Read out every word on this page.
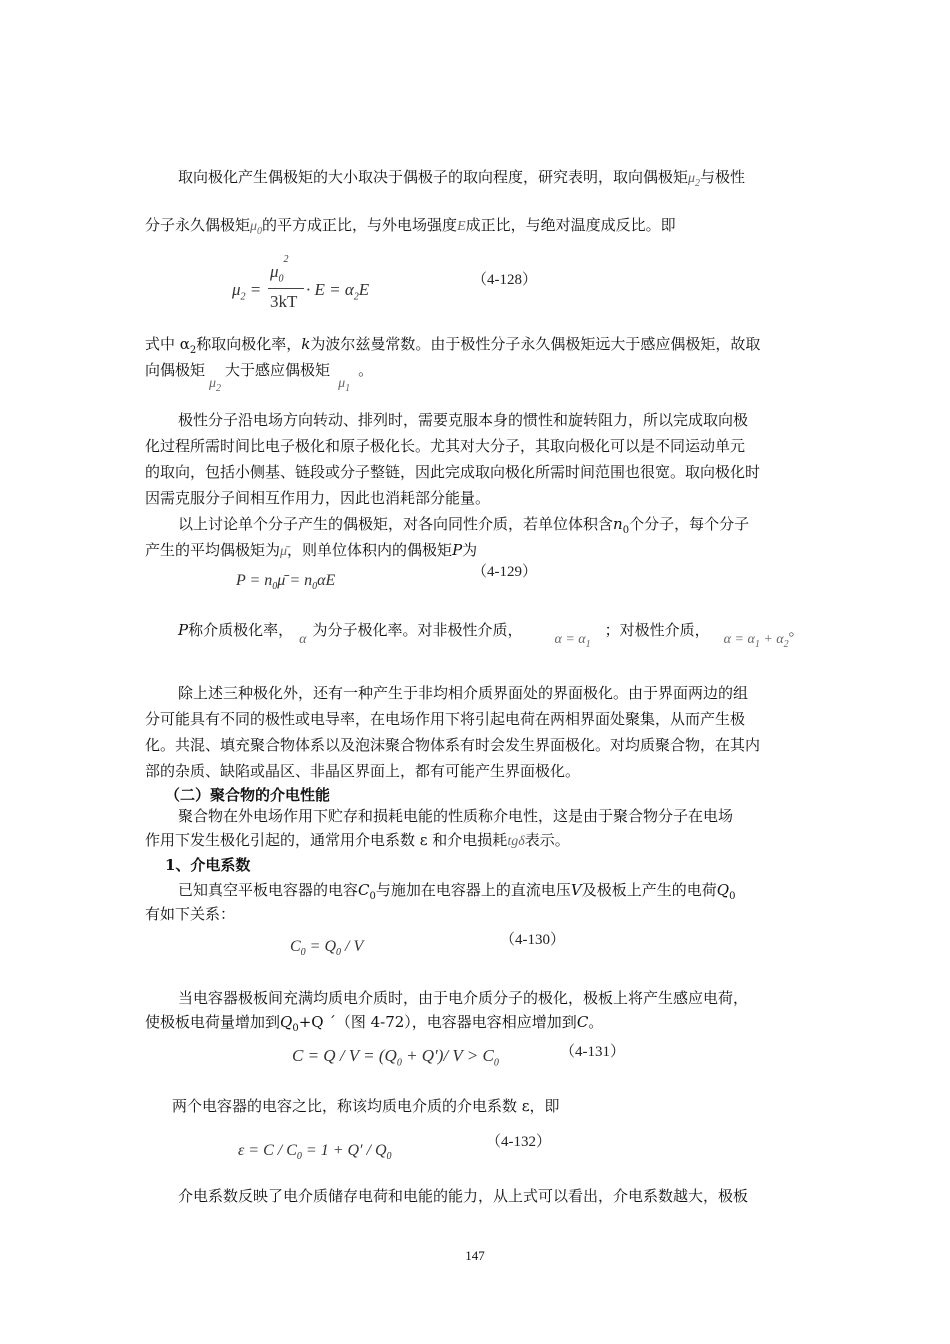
取向极化产生偶极矩的大小取决于偶极子的取向程度，研究表明，取向偶极矩$\mu_2$与极性
分子永久偶极矩$\mu_0$的平方成正比，与外电场强度E成正比，与绝对温度成反比。即
$\mu_2$ =
$\mu_0^2$
3kT
· $E = \alpha_2E$	（4-128）
式中 $\alpha_2$称取向极化率，k为波尔兹曼常数。由于极性分子永久偶极矩远大于感应偶极矩，故取
向偶极矩$\mu_2$大于感应偶极矩$\mu_1$。
极性分子沿电场方向转动、排列时，需要克服本身的惯性和旋转阻力，所以完成取向极
化过程所需时间比电子极化和原子极化长。尤其对大分子，其取向极化可以是不同运动单元
的取向，包括小侧基、链段或分子整链，因此完成取向极化所需时间范围也很宽。取向极化时
因需克服分子间相互作用力，因此也消耗部分能量。
以上讨论单个分子产生的偶极矩，对各向同性介质，若单位体积含$n_0$个分子，每个分子
产生的平均偶极矩为μ̄，则单位体积内的偶极矩P为
$P = n_0\mū = n_0\alpha E$	（4-129）
P称介质极化率，α为分子极化率。对非极性介质，$\alpha = \alpha_1$；对极性介质，$\alpha = \alpha_1 + \alpha_2$。
除上述三种极化外，还有一种产生于非均相介质界面处的界面极化。由于界面两边的组
分可能具有不同的极性或电导率，在电场作用下将引起电荷在两相界面处聚集，从而产生极
化。共混、填充聚合物体系以及泡沫聚合物体系有时会发生界面极化。对均质聚合物，在其内
部的杂质、缺陷或晶区、非晶区界面上，都有可能产生界面极化。
（二）聚合物的介电性能
聚合物在外电场作用下贮存和损耗电能的性质称介电性，这是由于聚合物分子在电场
作用下发生极化引起的，通常用介电系数 ε 和介电损耗tgδ表示。
1、介电系数
已知真空平板电容器的电容$C_0$与施加在电容器上的直流电压V及极板上产生的电荷$Q_0$
有如下关系：
$C_0 = Q_0 / V$	（4-130）
当电容器极板间充满均质电介质时，由于电介质分子的极化，极板上将产生感应电荷，
使极板电荷量增加到$Q_0+Q$ ˊ（图 4-72），电容器电容相应增加到C。
$C = Q / V = (Q_0 + Q')/$ $V > C_0$
（4-131）
两个电容器的电容之比，称该均质电介质的介电系数 ε，即
$\varepsilon = C / C_0 = 1 + Q' / Q_0$
（4-132）
介电系数反映了电介质储存电荷和电能的能力，从上式可以看出，介电系数越大，极板
147
